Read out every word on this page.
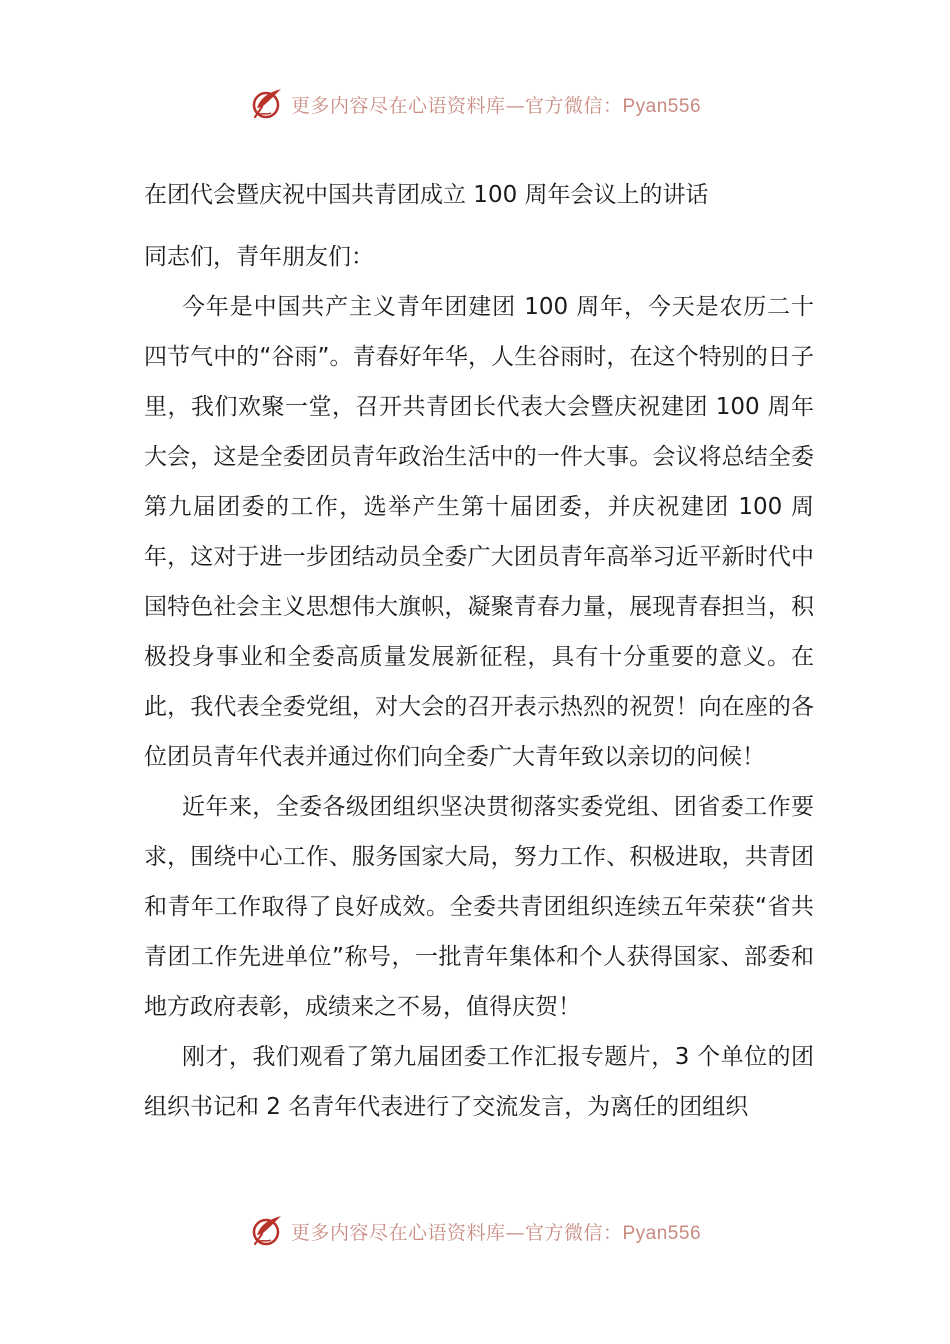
更多内容尽在心语资料库—官方微信：Pyan556
在团代会暨庆祝中国共青团成立 100 周年会议上的讲话

同志们，青年朋友们：

今年是中国共产主义青年团建团 100 周年，今天是农历二十四节气中的“谷雨”。青春好年华，人生谷雨时，在这个特别的日子里，我们欢聚一堂，召开共青团长代表大会暨庆祝建团 100 周年大会，这是全委团员青年政治生活中的一件大事。会议将总结全委第九届团委的工作，选举产生第十届团委，并庆祝建团 100 周年，这对于进一步团结动员全委广大团员青年高举习近平新时代中国特色社会主义思想伟大旗帜，凝聚青春力量，展现青春担当，积极投身事业和全委高质量发展新征程，具有十分重要的意义。在此，我代表全委党组，对大会的召开表示热烈的祝贺！向在座的各位团员青年代表并通过你们向全委广大青年致以亲切的问候！

近年来，全委各级团组织坚决贯彻落实委党组、团省委工作要求，围绕中心工作、服务国家大局，努力工作、积极进取，共青团和青年工作取得了良好成效。全委共青团组织连续五年荣获“省共青团工作先进单位”称号，一批青年集体和个人获得国家、部委和地方政府表彰，成绩来之不易，值得庆贺！

刚才，我们观看了第九届团委工作汇报专题片，3 个单位的团组织书记和 2 名青年代表进行了交流发言，为离任的团组织

更多内容尽在心语资料库—官方微信：Pyan556
